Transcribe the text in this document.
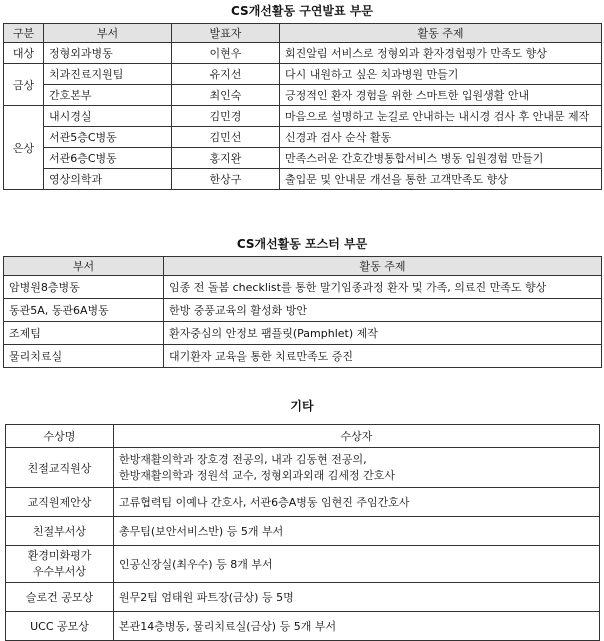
CS개선활동 구연발표 부문
구분	부서	발표자	활동 주제
대상	정형외과병동	이현우	회진알림 서비스로 정형외과 환자경험평가 만족도 향상
금상	치과진료지원팀	유지선	다시 내원하고 싶은 치과병원 만들기
	간호본부	최인숙	긍정적인 환자 경험을 위한 스마트한 입원생활 안내
은상	내시경실	김민경	마음으로 설명하고 눈길로 안내하는 내시경 검사 후 안내문 제작
	서관5층C병동	김민선	신경과 검사 순삭 활동
	서관6층C병동	홍지완	만족스러운 간호간병통합서비스 병동 입원경험 만들기
	영상의학과	한상구	출입문 및 안내문 개선을 통한 고객만족도 향상
CS개선활동 포스터 부문
부서	활동 주제
암병원8층병동	임종 전 돌봄 checklist를 통한 말기임종과정 환자 및 가족, 의료진 만족도 향상
동관5A, 동관6A병동	한방 중풍교육의 활성화 방안
조제팀	환자중심의 안정보 팸플릿(Pamphlet) 제작
물리치료실	대기환자 교육을 통한 치료만족도 증진
기타
수상명	수상자
친절교직원상	한방재활의학과 장호경 전공의, 내과 김동현 전공의,
한방재활의학과 정원석 교수, 정형외과외래 김세정 간호사
교직원제안상	고류협력팀 이예나 간호사, 서관6층A병동 임현진 주임간호사
친절부서상	총무팀(보안서비스반) 등 5개 부서
환경미화평가
우수부서상	인공신장실(최우수) 등 8개 부서
슬로건 공모상	원무2팀 엄태원 파트장(금상) 등 5명
UCC 공모상	본관14층병동, 물리치료실(금상) 등 5개 부서
